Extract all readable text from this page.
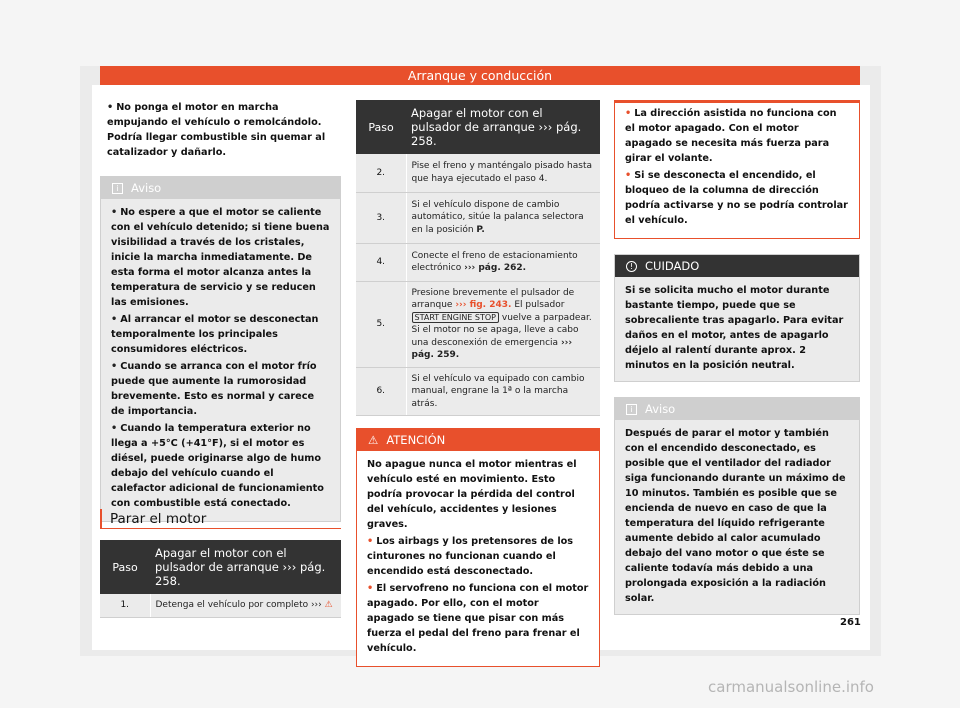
Arranque y conducción
• No ponga el motor en marcha empujando el vehículo o remolcándolo. Podría llegar combustible sin quemar al catalizador y dañarlo.
i	Aviso
• No espere a que el motor se caliente con el vehículo detenido; si tiene buena visibilidad a través de los cristales, inicie la marcha inmediatamente. De esta forma el motor alcanza antes la temperatura de servicio y se reducen las emisiones.
• Al arrancar el motor se desconectan temporalmente los principales consumidores eléctricos.
• Cuando se arranca con el motor frío puede que aumente la rumorosidad brevemente. Esto es normal y carece de importancia.
• Cuando la temperatura exterior no llega a +5°C (+41°F), si el motor es diésel, puede originarse algo de humo debajo del vehículo cuando el calefactor adicional de funcionamiento con combustible está conectado.
Parar el motor
Paso	Apagar el motor con el pulsador de arranque ››› pág. 258.
1.	Detenga el vehículo por completo ››› ⚠
Paso	Apagar el motor con el pulsador de arranque ››› pág. 258.
2.	Pise el freno y manténgalo pisado hasta que haya ejecutado el paso 4.
3.	Si el vehículo dispone de cambio automático, sitúe la palanca selectora en la posición P.
4.	Conecte el freno de estacionamiento electrónico ››› pág. 262.
5.	Presione brevemente el pulsador de arranque ››› fig. 243. El pulsador START ENGINE STOP vuelve a parpadear. Si el motor no se apaga, lleve a cabo una desconexión de emergencia ››› pág. 259.
6.	Si el vehículo va equipado con cambio manual, engrane la 1ª o la marcha atrás.
⚠ ATENCIÓN
No apague nunca el motor mientras el vehículo esté en movimiento. Esto podría provocar la pérdida del control del vehículo, accidentes y lesiones graves.
• Los airbags y los pretensores de los cinturones no funcionan cuando el encendido está desconectado.
• El servofreno no funciona con el motor apagado. Por ello, con el motor apagado se tiene que pisar con más fuerza el pedal del freno para frenar el vehículo.
• La dirección asistida no funciona con el motor apagado. Con el motor apagado se necesita más fuerza para girar el volante.
• Si se desconecta el encendido, el bloqueo de la columna de dirección podría activarse y no se podría controlar el vehículo.
!	CUIDADO
Si se solicita mucho el motor durante bastante tiempo, puede que se sobrecaliente tras apagarlo. Para evitar daños en el motor, antes de apagarlo déjelo al ralentí durante aprox. 2 minutos en la posición neutral.
i	Aviso
Después de parar el motor y también con el encendido desconectado, es posible que el ventilador del radiador siga funcionando durante un máximo de 10 minutos. También es posible que se encienda de nuevo en caso de que la temperatura del líquido refrigerante aumente debido al calor acumulado debajo del vano motor o que éste se caliente todavía más debido a una prolongada exposición a la radiación solar.
261
carmanualsonline.info
